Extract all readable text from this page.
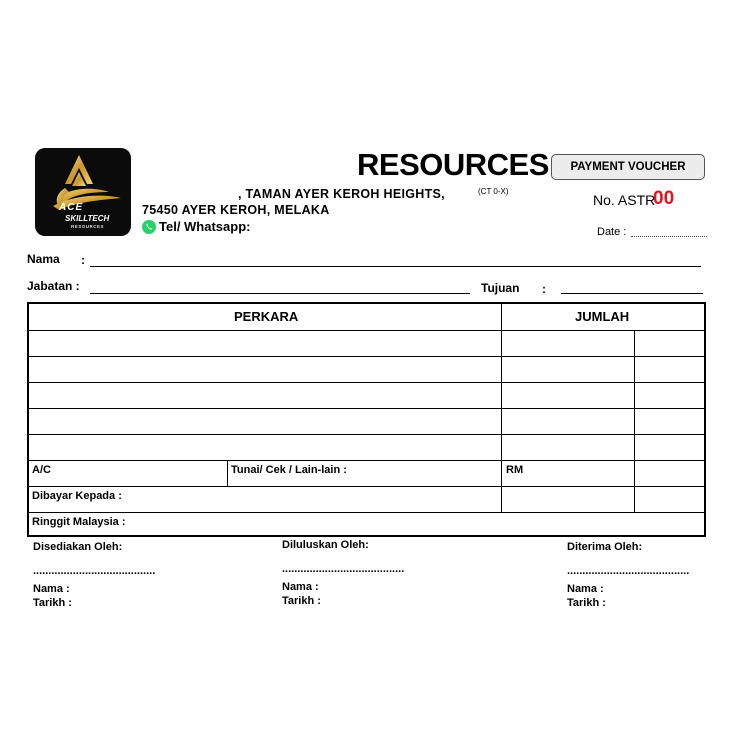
ACE
SKILLTECH
RESOURCES
RESOURCES
, TAMAN AYER KEROH HEIGHTS,
75450 AYER KEROH, MELAKA
(CT 0-X)
Tel/ Whatsapp:
PAYMENT VOUCHER
No. ASTR
00
Date :
Nama :
Jabatan :	Tujuan :
PERKARA	JUMLAH
A/C	Tunai/ Cek / Lain-lain :	RM
Dibayar Kepada :
Ringgit Malaysia :
Disediakan Oleh:
........................................
Nama :
Tarikh :
Diluluskan Oleh:
........................................
Nama :
Tarikh :
Diterima Oleh:
........................................
Nama :
Tarikh :
